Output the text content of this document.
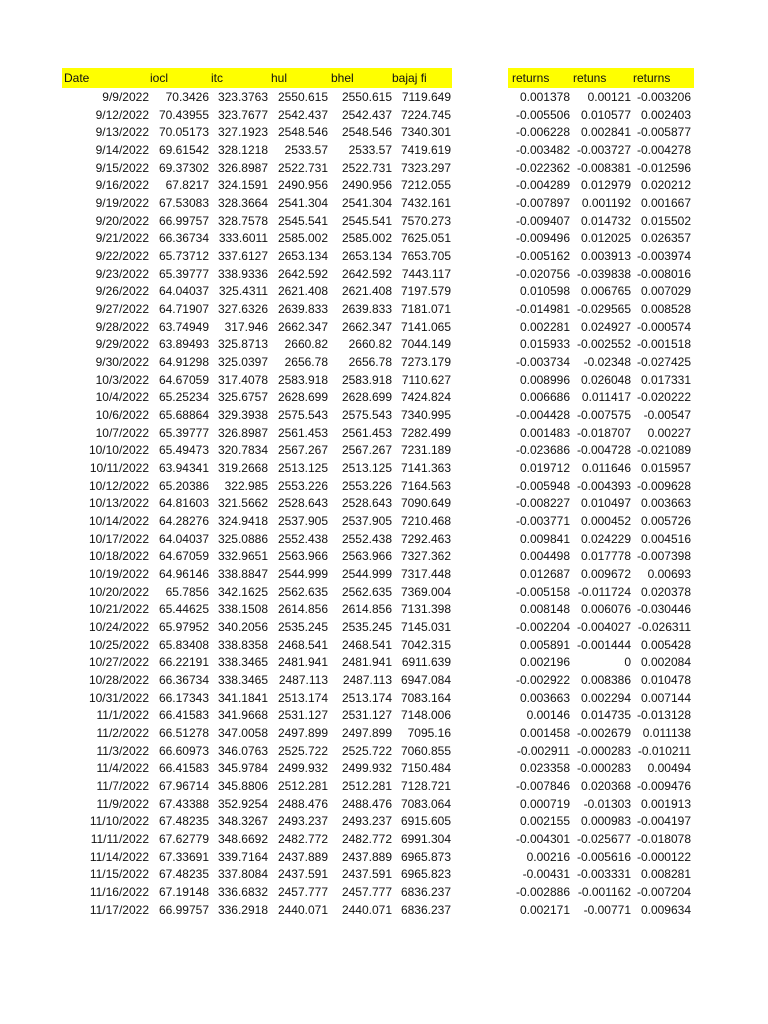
Date	iocl	itc	hul	bhel	bajaj fi	returns retuns returns
9/9/2022	70.3426 323.3763 2550.615	2550.615 7119.649	0.001378	0.00121 -0.003206
9/12/2022 70.43955 323.7677 2542.437	2542.437 7224.745	-0.005506 0.010577 0.002403
9/13/2022 70.05173 327.1923 2548.546	2548.546 7340.301	-0.006228 0.002841 -0.005877
9/14/2022 69.61542 328.1218	2533.57	2533.57 7419.619	-0.003482 -0.003727 -0.004278
9/15/2022 69.37302 326.8987 2522.731	2522.731 7323.297	-0.022362 -0.008381 -0.012596
9/16/2022	67.8217 324.1591 2490.956	2490.956 7212.055	-0.004289 0.012979 0.020212
9/19/2022 67.53083 328.3664 2541.304	2541.304 7432.161	-0.007897 0.001192 0.001667
9/20/2022 66.99757 328.7578 2545.541	2545.541 7570.273	-0.009407 0.014732 0.015502
9/21/2022 66.36734 333.6011 2585.002	2585.002 7625.051	-0.009496 0.012025 0.026357
9/22/2022 65.73712 337.6127 2653.134	2653.134 7653.705	-0.005162 0.003913 -0.003974
9/23/2022 65.39777 338.9336 2642.592	2642.592 7443.117	-0.020756 -0.039838 -0.008016
9/26/2022 64.04037 325.4311 2621.408	2621.408 7197.579	0.010598 0.006765 0.007029
9/27/2022 64.71907 327.6326 2639.833	2639.833 7181.071	-0.014981 -0.029565 0.008528
9/28/2022 63.74949	317.946 2662.347	2662.347 7141.065	0.002281 0.024927 -0.000574
9/29/2022 63.89493 325.8713	2660.82	2660.82 7044.149	0.015933 -0.002552 -0.001518
9/30/2022 64.91298 325.0397	2656.78	2656.78 7273.179	-0.003734	-0.02348 -0.027425
10/3/2022 64.67059 317.4078 2583.918	2583.918 7110.627	0.008996 0.026048 0.017331
10/4/2022 65.25234 325.6757 2628.699	2628.699 7424.824	0.006686 0.011417 -0.020222
10/6/2022 65.68864 329.3938 2575.543	2575.543 7340.995	-0.004428 -0.007575	-0.00547
10/7/2022 65.39777 326.8987 2561.453	2561.453 7282.499	0.001483 -0.018707	0.00227
10/10/2022 65.49473 320.7834 2567.267	2567.267 7231.189	-0.023686 -0.004728 -0.021089
10/11/2022 63.94341 319.2668 2513.125	2513.125 7141.363	0.019712 0.011646 0.015957
10/12/2022 65.20386	322.985 2553.226	2553.226 7164.563	-0.005948 -0.004393 -0.009628
10/13/2022 64.81603 321.5662 2528.643	2528.643 7090.649	-0.008227 0.010497 0.003663
10/14/2022 64.28276 324.9418 2537.905	2537.905 7210.468	-0.003771 0.000452 0.005726
10/17/2022 64.04037 325.0886 2552.438	2552.438 7292.463	0.009841 0.024229 0.004516
10/18/2022 64.67059 332.9651 2563.966	2563.966 7327.362	0.004498 0.017778 -0.007398
10/19/2022 64.96146 338.8847 2544.999	2544.999 7317.448	0.012687 0.009672	0.00693
10/20/2022	65.7856 342.1625 2562.635	2562.635 7369.004	-0.005158 -0.011724 0.020378
10/21/2022 65.44625 338.1508 2614.856	2614.856 7131.398	0.008148 0.006076 -0.030446
10/24/2022 65.97952 340.2056 2535.245	2535.245 7145.031	-0.002204 -0.004027 -0.026311
10/25/2022 65.83408 338.8358 2468.541	2468.541 7042.315	0.005891 -0.001444 0.005428
10/27/2022 66.22191 338.3465 2481.941	2481.941 6911.639	0.002196	0 0.002084
10/28/2022 66.36734 338.3465 2487.113	2487.113 6947.084	-0.002922 0.008386 0.010478
10/31/2022 66.17343 341.1841 2513.174	2513.174 7083.164	0.003663 0.002294 0.007144
11/1/2022 66.41583 341.9668 2531.127	2531.127 7148.006	0.00146 0.014735 -0.013128
11/2/2022 66.51278 347.0058 2497.899	2497.899	7095.16	0.001458 -0.002679 0.011138
11/3/2022 66.60973 346.0763 2525.722	2525.722 7060.855	-0.002911 -0.000283 -0.010211
11/4/2022 66.41583 345.9784 2499.932	2499.932 7150.484	0.023358 -0.000283	0.00494
11/7/2022 67.96714 345.8806 2512.281	2512.281 7128.721	-0.007846 0.020368 -0.009476
11/9/2022 67.43388 352.9254 2488.476	2488.476 7083.064	0.000719	-0.01303 0.001913
11/10/2022 67.48235 348.3267 2493.237	2493.237 6915.605	0.002155 0.000983 -0.004197
11/11/2022 67.62779 348.6692 2482.772	2482.772 6991.304	-0.004301 -0.025677 -0.018078
11/14/2022 67.33691 339.7164 2437.889	2437.889 6965.873	0.00216 -0.005616 -0.000122
11/15/2022 67.48235 337.8084 2437.591	2437.591 6965.823	-0.00431 -0.003331 0.008281
11/16/2022 67.19148 336.6832 2457.777	2457.777 6836.237	-0.002886 -0.001162 -0.007204
11/17/2022 66.99757 336.2918 2440.071	2440.071 6836.237	0.002171	-0.00771 0.009634
